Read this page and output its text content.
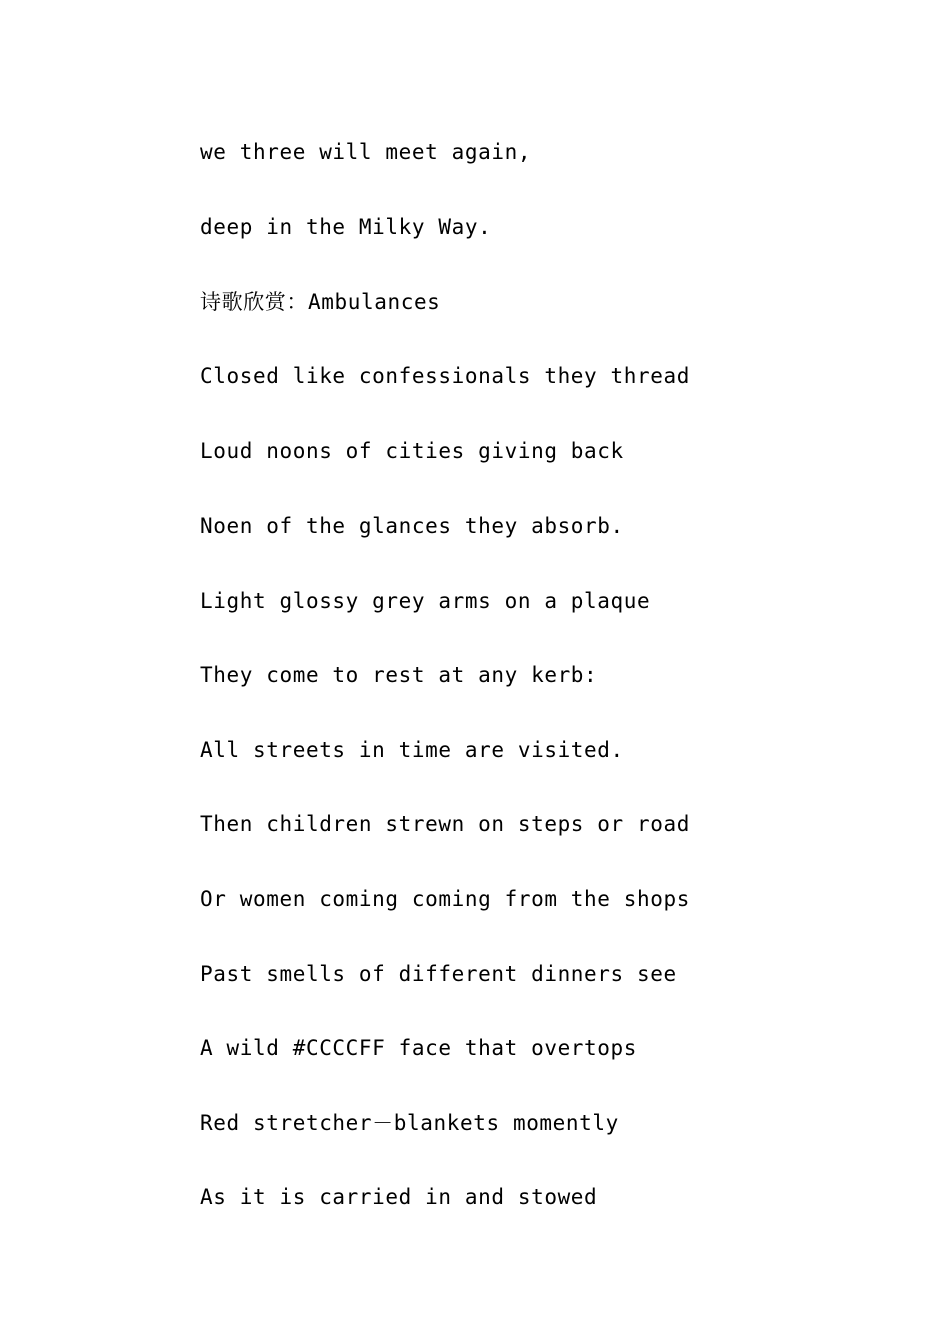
we three will meet again,

deep in the Milky Way.

诗歌欣赏：Ambulances

Closed like confessionals they thread

Loud noons of cities giving back

Noen of the glances they absorb.

Light glossy grey arms on a plaque

They come to rest at any kerb:

All streets in time are visited.

Then children strewn on steps or road

Or women coming coming from the shops

Past smells of different dinners see

A wild #CCCCFF face that overtops

Red stretcher－blankets momently

As it is carried in and stowed
